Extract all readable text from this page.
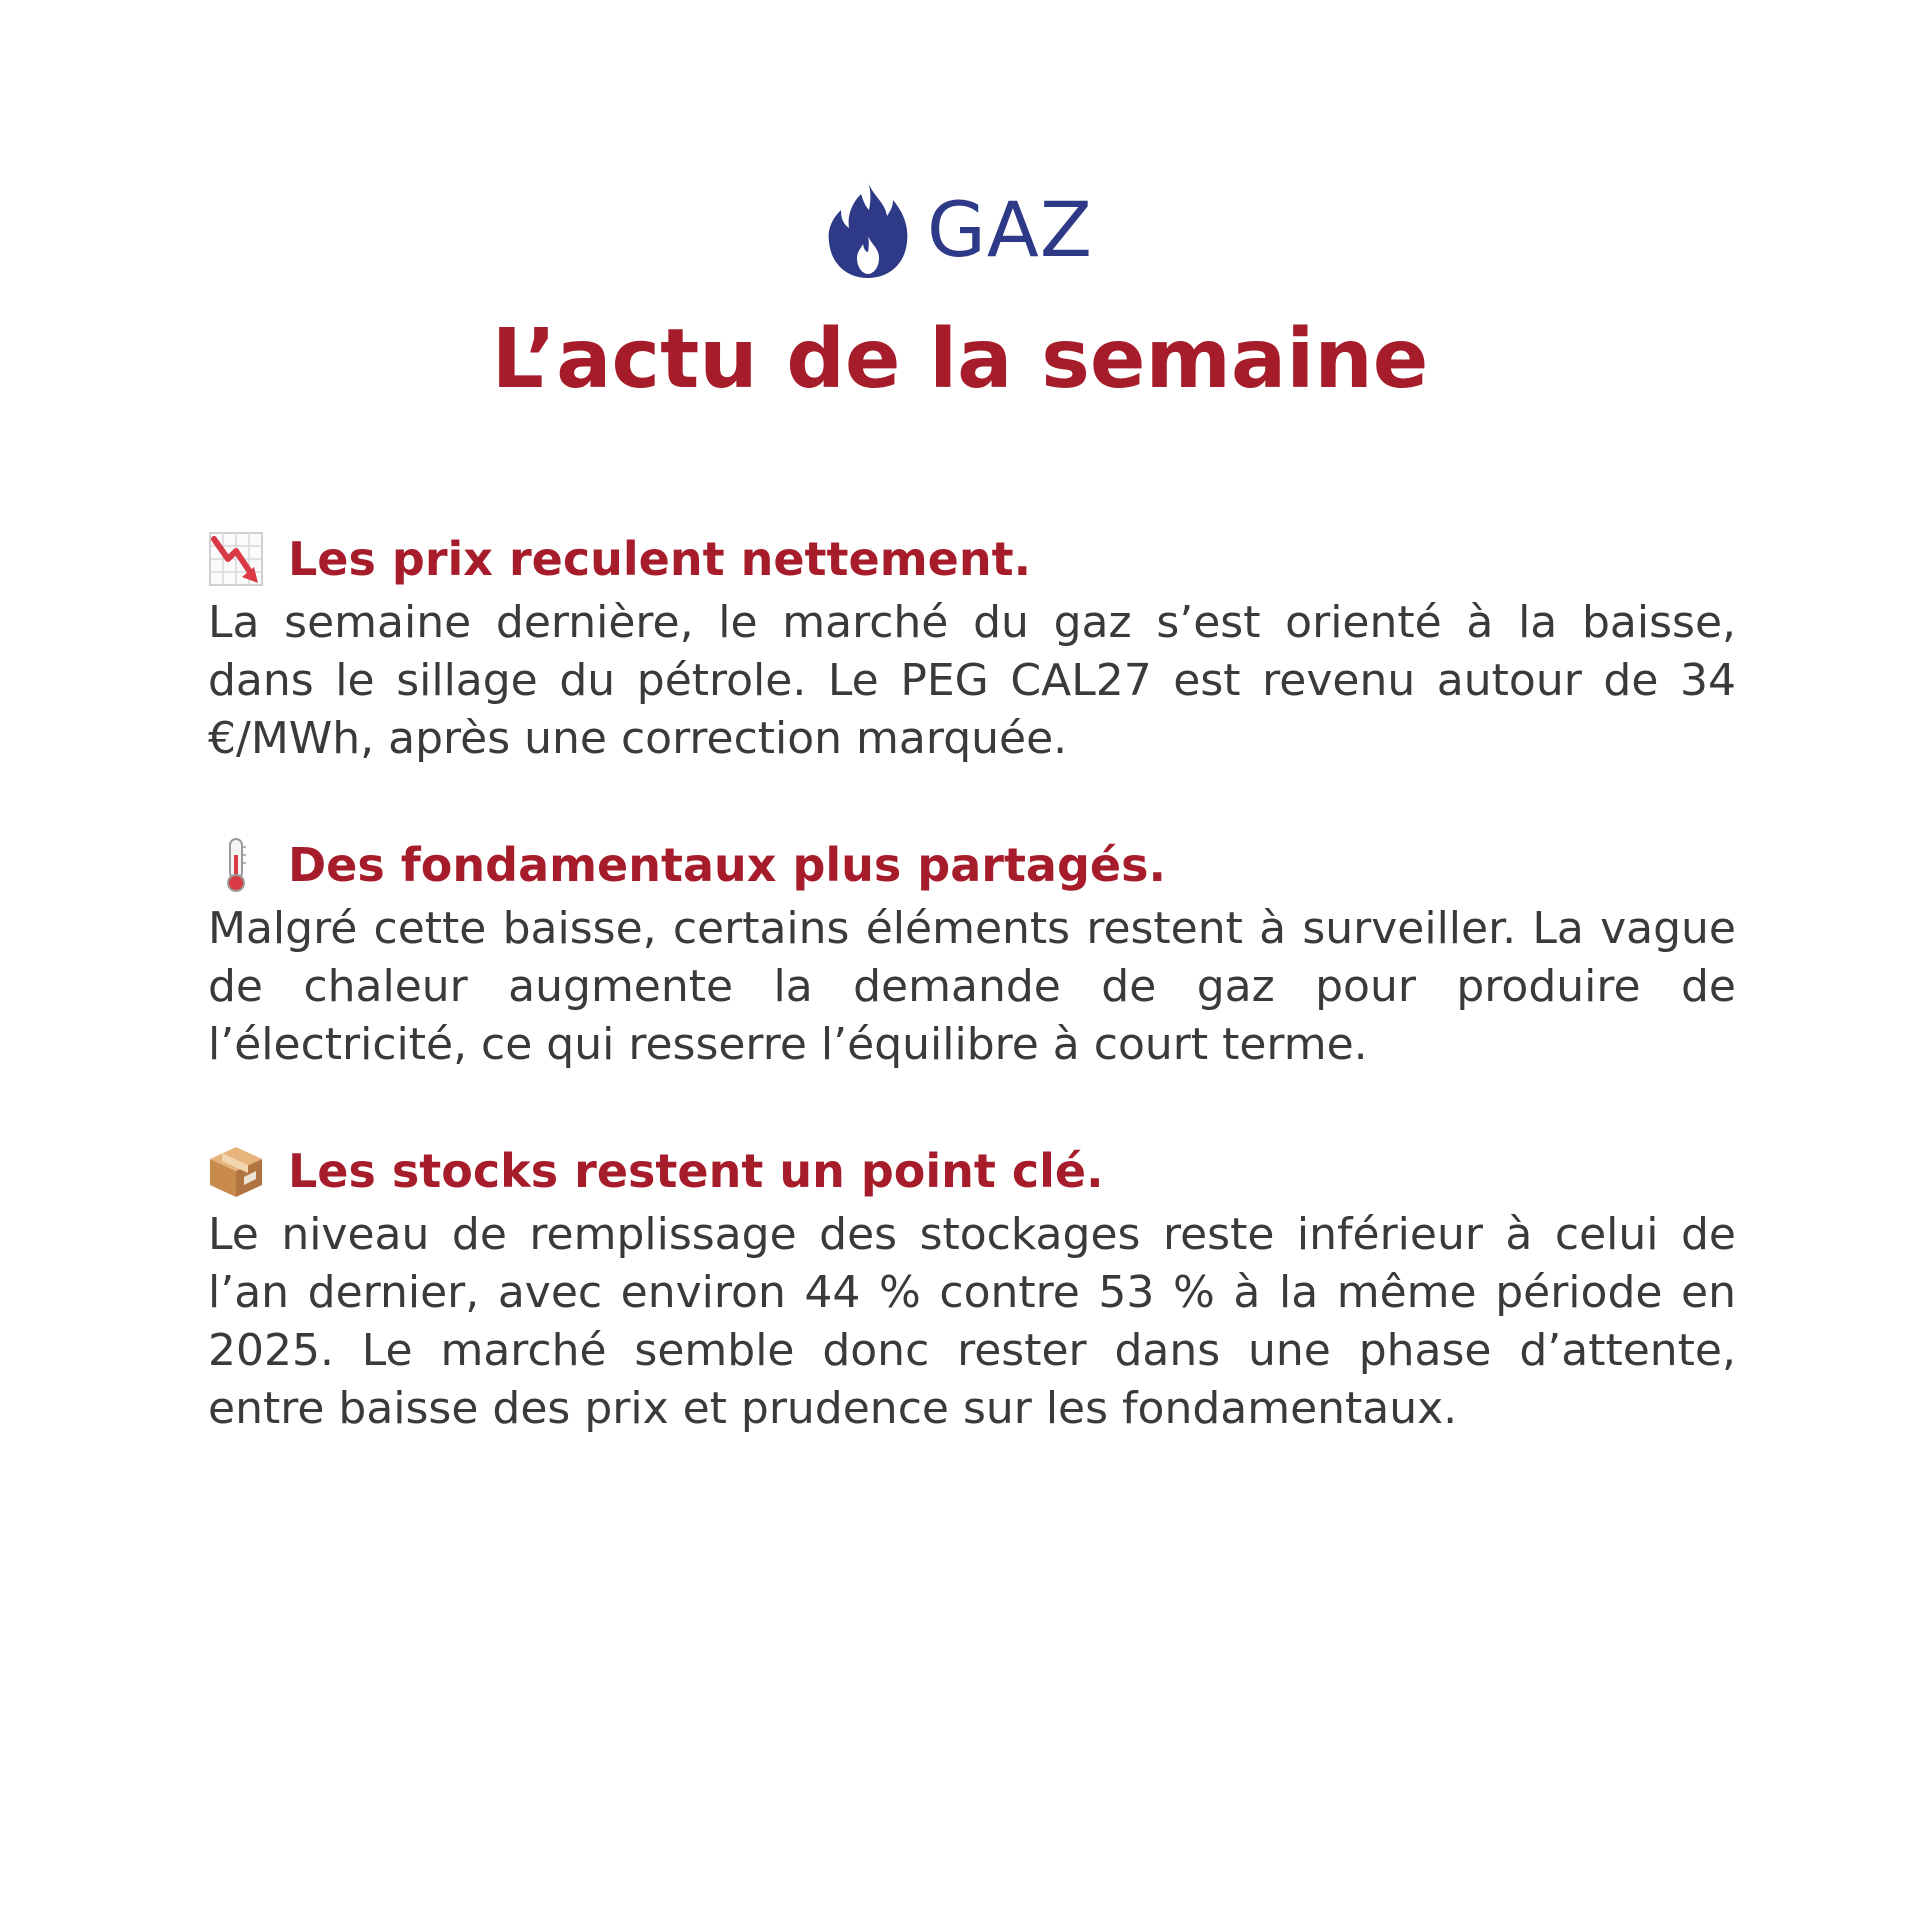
GAZ
L’actu de la semaine
Les prix reculent nettement.

La semaine dernière, le marché du gaz s’est orienté à la baisse, dans le sillage du pétrole. Le PEG CAL27 est revenu autour de 34 €/MWh, après une correction marquée.

Des fondamentaux plus partagés.

Malgré cette baisse, certains éléments restent à surveiller. La vague de chaleur augmente la demande de gaz pour produire de l’électricité, ce qui resserre l’équilibre à court terme.

Les stocks restent un point clé.

Le niveau de remplissage des stockages reste inférieur à celui de l’an dernier, avec environ 44 % contre 53 % à la même période en 2025. Le marché semble donc rester dans une phase d’attente, entre baisse des prix et prudence sur les fondamentaux.
